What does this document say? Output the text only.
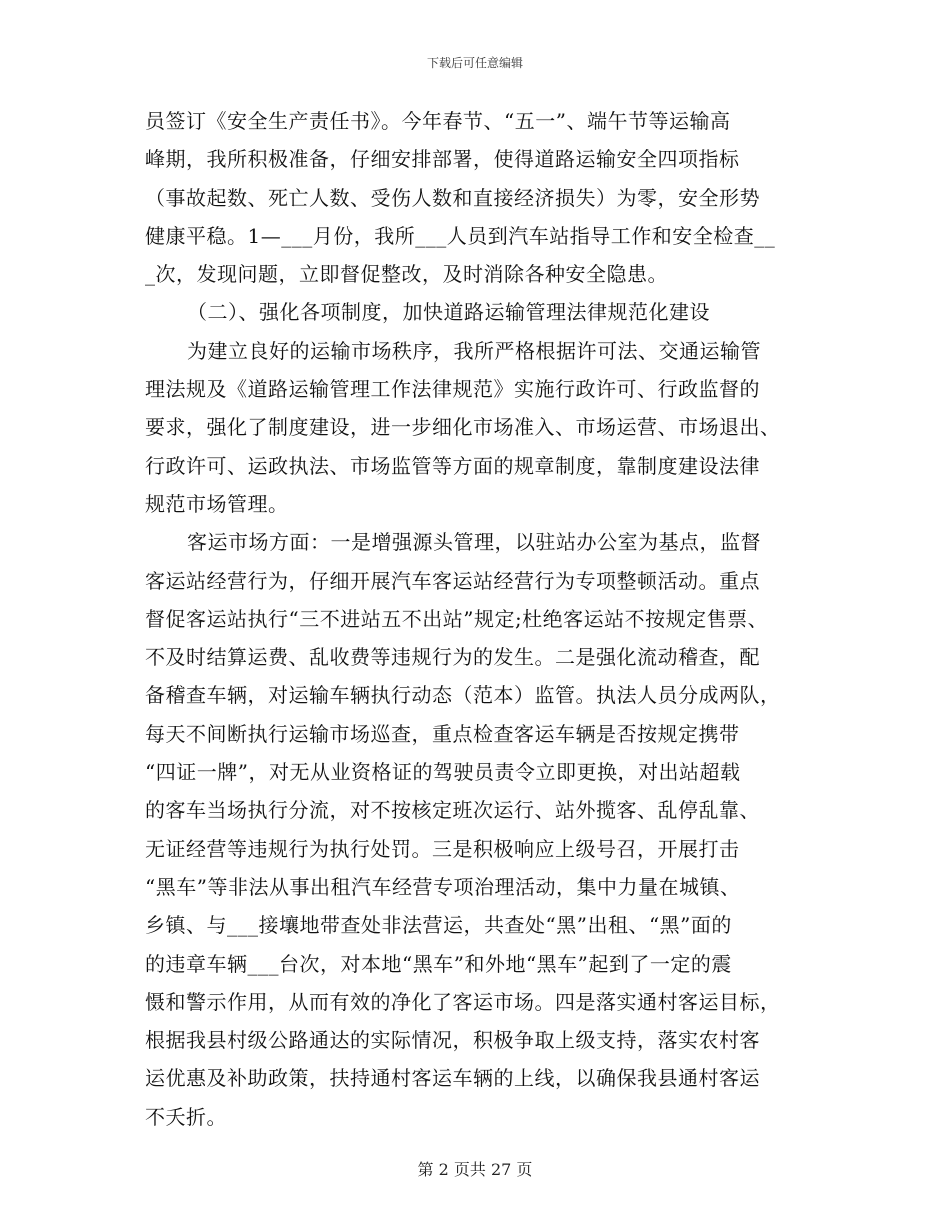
下载后可任意编辑
员签订《安全生产责任书》。今年春节、“五一”、端午节等运输高
峰期，我所积极准备，仔细安排部署，使得道路运输安全四项指标
（事故起数、死亡人数、受伤人数和直接经济损失）为零，安全形势
健康平稳。1—___月份，我所___人员到汽车站指导工作和安全检查__
_次，发现问题，立即督促整改，及时消除各种安全隐患。
（二）、强化各项制度，加快道路运输管理法律规范化建设
为建立良好的运输市场秩序，我所严格根据许可法、交通运输管
理法规及《道路运输管理工作法律规范》实施行政许可、行政监督的
要求，强化了制度建设，进一步细化市场准入、市场运营、市场退出、
行政许可、运政执法、市场监管等方面的规章制度，靠制度建设法律
规范市场管理。
客运市场方面：一是增强源头管理，以驻站办公室为基点，监督
客运站经营行为，仔细开展汽车客运站经营行为专项整顿活动。重点
督促客运站执行“三不进站五不出站”规定;杜绝客运站不按规定售票、
不及时结算运费、乱收费等违规行为的发生。二是强化流动稽查，配
备稽查车辆，对运输车辆执行动态（范本）监管。执法人员分成两队，
每天不间断执行运输市场巡查，重点检查客运车辆是否按规定携带
“四证一牌”，对无从业资格证的驾驶员责令立即更换，对出站超载
的客车当场执行分流，对不按核定班次运行、站外揽客、乱停乱靠、
无证经营等违规行为执行处罚。三是积极响应上级号召，开展打击
“黑车”等非法从事出租汽车经营专项治理活动，集中力量在城镇、
乡镇、与___接壤地带查处非法营运，共查处“黑”出租、“黑”面的
的违章车辆___台次，对本地“黑车”和外地“黑车”起到了一定的震
慑和警示作用，从而有效的净化了客运市场。四是落实通村客运目标，
根据我县村级公路通达的实际情况，积极争取上级支持，落实农村客
运优惠及补助政策，扶持通村客运车辆的上线，以确保我县通村客运
不夭折。
第 2 页共 27 页
